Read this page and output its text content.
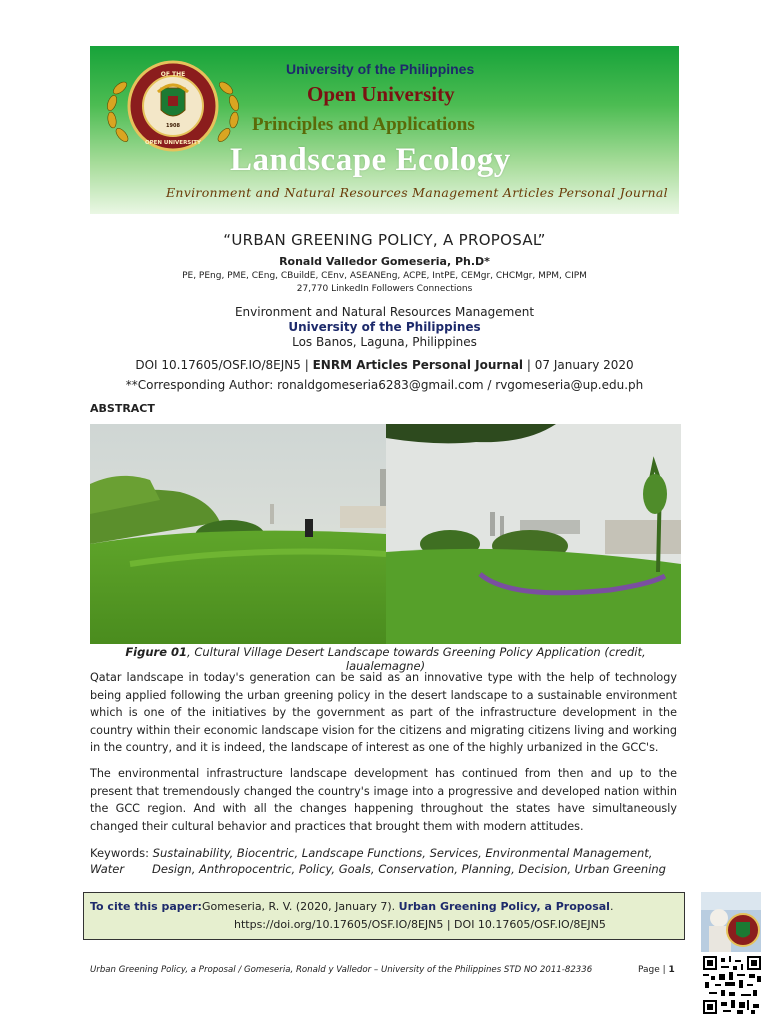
OF THE
1908
OPEN UNIVERSITY
University of the Philippines
Open University
Principles and Applications
Landscape Ecology
Environment and Natural Resources Management Articles Personal Journal
“URBAN GREENING POLICY, A PROPOSAL”
Ronald Valledor Gomeseria, Ph.D*
PE, PEng, PME, CEng, CBuildE, CEnv, ASEANEng, ACPE, IntPE, CEMgr, CHCMgr, MPM, CIPM
27,770 LinkedIn Followers Connections
Environment and Natural Resources Management
University of the Philippines
Los Banos, Laguna, Philippines
DOI 10.17605/OSF.IO/8EJN5 | ENRM Articles Personal Journal | 07 January 2020
**Corresponding Author: ronaldgomeseria6283@gmail.com / rvgomeseria@up.edu.ph
ABSTRACT
Figure 01, Cultural Village Desert Landscape towards Greening Policy Application (credit, laualemagne)
Qatar landscape in today's generation can be said as an innovative type with the help of technology being applied following the urban greening policy in the desert landscape to a sustainable environment which is one of the initiatives by the government as part of the infrastructure development in the country within their economic landscape vision for the citizens and migrating citizens living and working in the country, and it is indeed, the landscape of interest as one of the highly urbanized in the GCC's.
The environmental infrastructure landscape development has continued from then and up to the present that tremendously changed the country's image into a progressive and developed nation within the GCC region. And with all the changes happening throughout the states have simultaneously changed their cultural behavior and practices that brought them with modern attitudes.
Keywords: Sustainability, Biocentric, Landscape Functions, Services, Environmental Management, Water	Design, Anthropocentric, Policy, Goals, Conservation, Planning, Decision, Urban Greening
To cite this paper: Gomeseria, R. V. (2020, January 7). Urban Greening Policy, a Proposal.
https://doi.org/10.17605/OSF.IO/8EJN5 | DOI 10.17605/OSF.IO/8EJN5
Urban Greening Policy, a Proposal / Gomeseria, Ronald y Valledor – University of the Philippines STD NO 2011-82336	Page | 1
